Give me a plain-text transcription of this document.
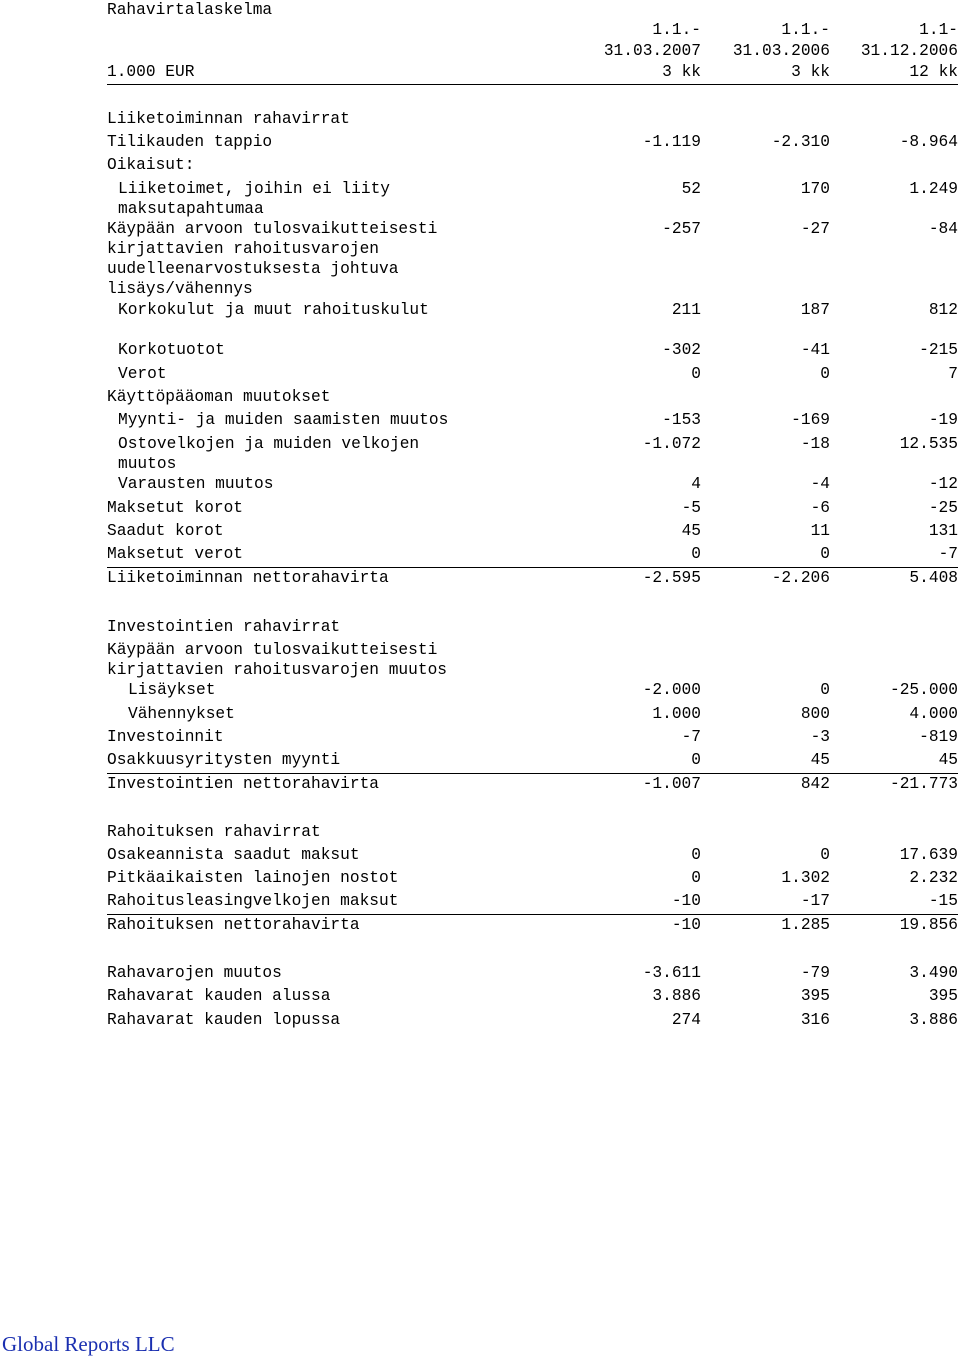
Rahavirtalaskelma
	1.1.-	1.1.-	1.1-
	31.03.2007	31.03.2006	31.12.2006
1.000 EUR	3 kk	3 kk	12 kk
Liiketoiminnan rahavirrat			
Tilikauden tappio	-1.119	-2.310	-8.964
Oikaisut:			
Liiketoimet, joihin ei liity maksutapahtumaa	52	170	1.249
Käypään arvoon tulosvaikutteisesti kirjattavien rahoitusvarojen uudelleenarvostuksesta johtuva lisäys/vähennys	-257	-27	-84
Korkokulut ja muut rahoituskulut	211	187	812
Korkotuotot	-302	-41	-215
Verot	0	0	7
Käyttöpääoman muutokset			
Myynti- ja muiden saamisten muutos	-153	-169	-19
Ostovelkojen ja muiden velkojen muutos	-1.072	-18	12.535
Varausten muutos	4	-4	-12
Maksetut korot	-5	-6	-25
Saadut korot	45	11	131
Maksetut verot	0	0	-7
Liiketoiminnan nettorahavirta	-2.595	-2.206	5.408
Investointien rahavirrat			
Käypään arvoon tulosvaikutteisesti kirjattavien rahoitusvarojen muutos			
Lisäykset	-2.000	0	-25.000
Vähennykset	1.000	800	4.000
Investoinnit	-7	-3	-819
Osakkuusyritysten myynti	0	45	45
Investointien nettorahavirta	-1.007	842	-21.773
Rahoituksen rahavirrat			
Osakeannista saadut maksut	0	0	17.639
Pitkäaikaisten lainojen nostot	0	1.302	2.232
Rahoitusleasingvelkojen maksut	-10	-17	-15
Rahoituksen nettorahavirta	-10	1.285	19.856
Rahavarojen muutos	-3.611	-79	3.490
Rahavarat kauden alussa	3.886	395	395
Rahavarat kauden lopussa	274	316	3.886
Global Reports LLC
